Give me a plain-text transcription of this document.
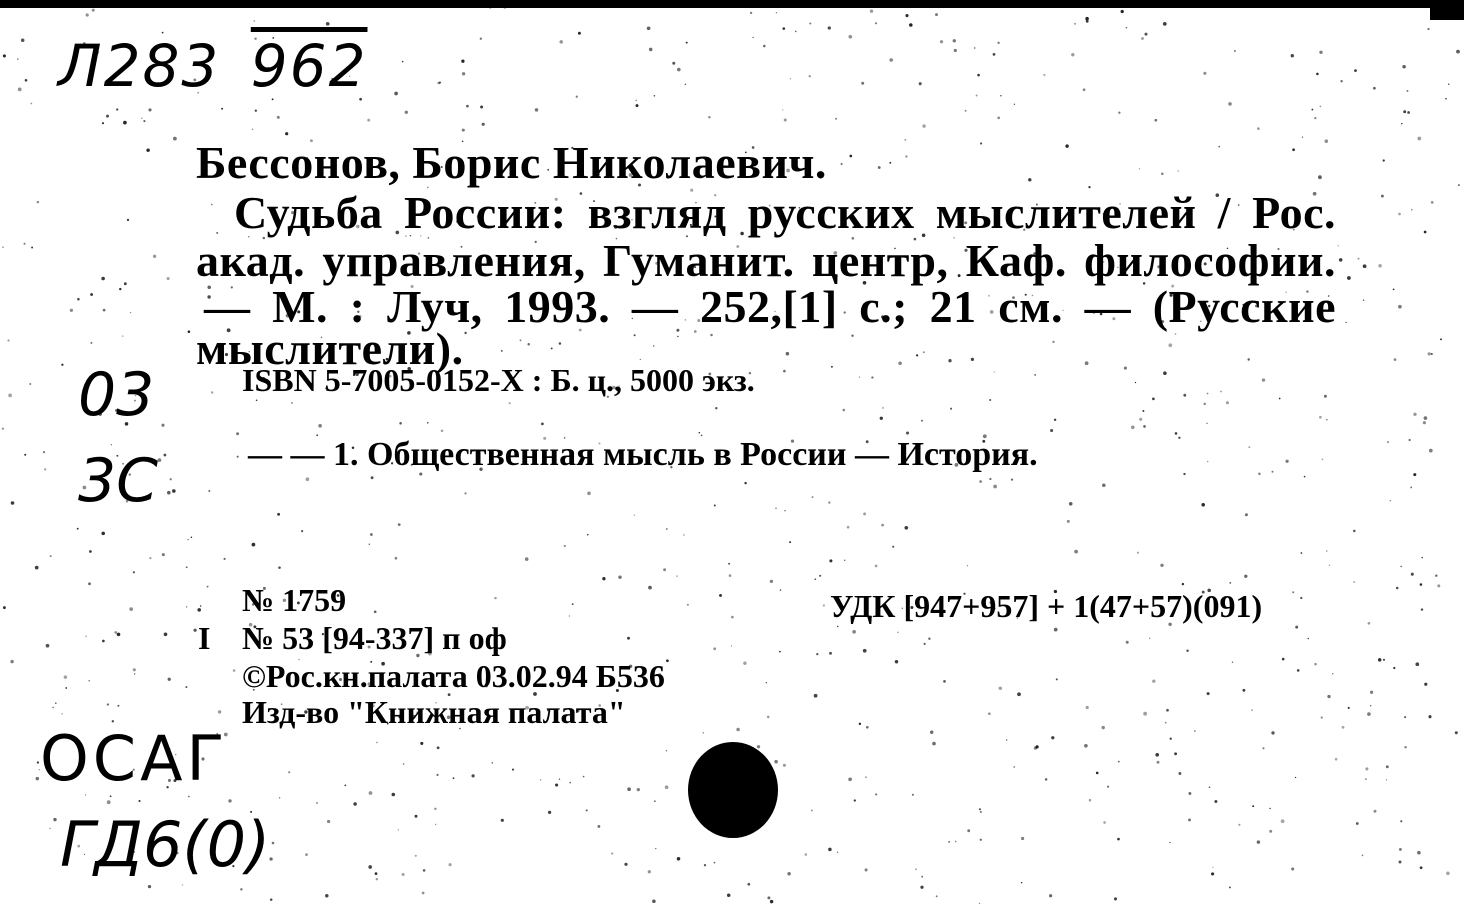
Л283 962
03
3С
ОСАГ
ГД6(0)
Бессонов, Борис Николаевич.
Судьба России: взгляд русских мыслителей / Рос.
акад. управления, Гуманит. центр, Каф. философии.
— М. : Луч, 1993. — 252,[1] с.; 21 см. — (Русские
мыслители).
ISBN 5-7005-0152-X : Б. ц., 5000 экз.
— — 1. Общественная мысль в России — История.
№ 1759	УДК [947+957] + 1(47+57)(091)
I № 53 [94-337] п оф
©Рос.кн.палата 03.02.94 Б536
Изд-во "Книжная палата"
